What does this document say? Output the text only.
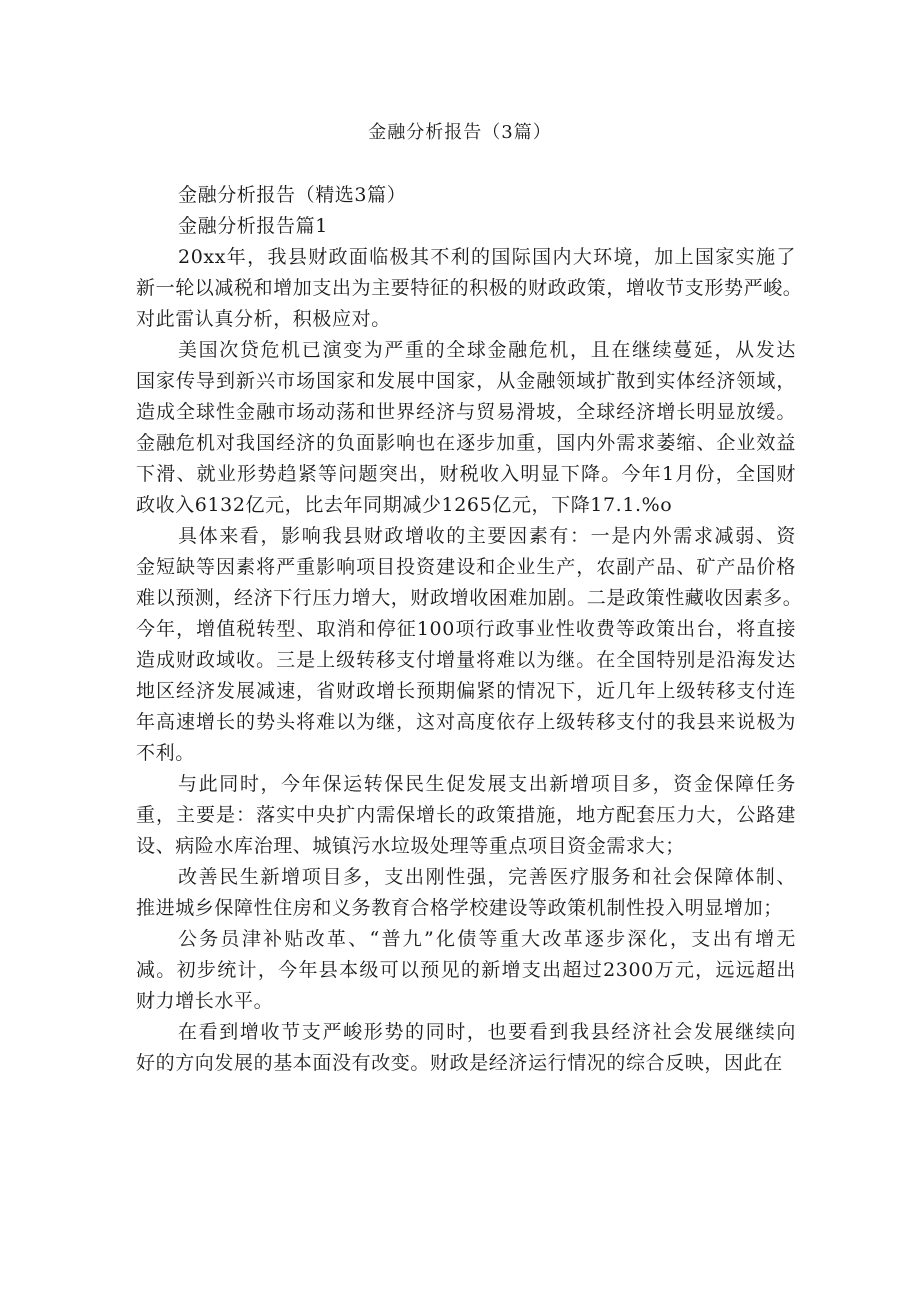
金融分析报告（3篇）
金融分析报告（精选3篇）
金融分析报告篇1
20xx年，我县财政面临极其不利的国际国内大环境，加上国家实施了
新一轮以减税和增加支出为主要特征的积极的财政政策，增收节支形势严峻。
对此雷认真分析，积极应对。
美国次贷危机已演变为严重的全球金融危机，且在继续蔓延，从发达
国家传导到新兴市场国家和发展中国家，从金融领域扩散到实体经济领域，
造成全球性金融市场动荡和世界经济与贸易滑坡，全球经济增长明显放缓。
金融危机对我国经济的负面影响也在逐步加重，国内外需求萎缩、企业效益
下滑、就业形势趋紧等问题突出，财税收入明显下降。今年1月份，全国财
政收入6132亿元，比去年同期减少1265亿元，下降17.1.%o
具体来看，影响我县财政增收的主要因素有：一是内外需求减弱、资
金短缺等因素将严重影响项目投资建设和企业生产，农副产品、矿产品价格
难以预测，经济下行压力增大，财政增收困难加剧。二是政策性藏收因素多。
今年，增值税转型、取消和停征100项行政事业性收费等政策出台，将直接
造成财政域收。三是上级转移支付增量将难以为继。在全国特别是沿海发达
地区经济发展减速，省财政增长预期偏紧的情况下，近几年上级转移支付连
年高速增长的势头将难以为继，这对高度依存上级转移支付的我县来说极为
不利。
与此同时，今年保运转保民生促发展支出新增项目多，资金保障任务
重，主要是：落实中央扩内需保增长的政策措施，地方配套压力大，公路建
设、病险水库治理、城镇污水垃圾处理等重点项目资金需求大；
改善民生新增项目多，支出刚性强，完善医疗服务和社会保障体制、
推进城乡保障性住房和义务教育合格学校建设等政策机制性投入明显增加；
公务员津补贴改革、“普九”化债等重大改革逐步深化，支出有增无
减。初步统计，今年县本级可以预见的新增支出超过2300万元，远远超出
财力增长水平。
在看到增收节支严峻形势的同时，也要看到我县经济社会发展继续向
好的方向发展的基本面没有改变。财政是经济运行情况的综合反映，因此在
